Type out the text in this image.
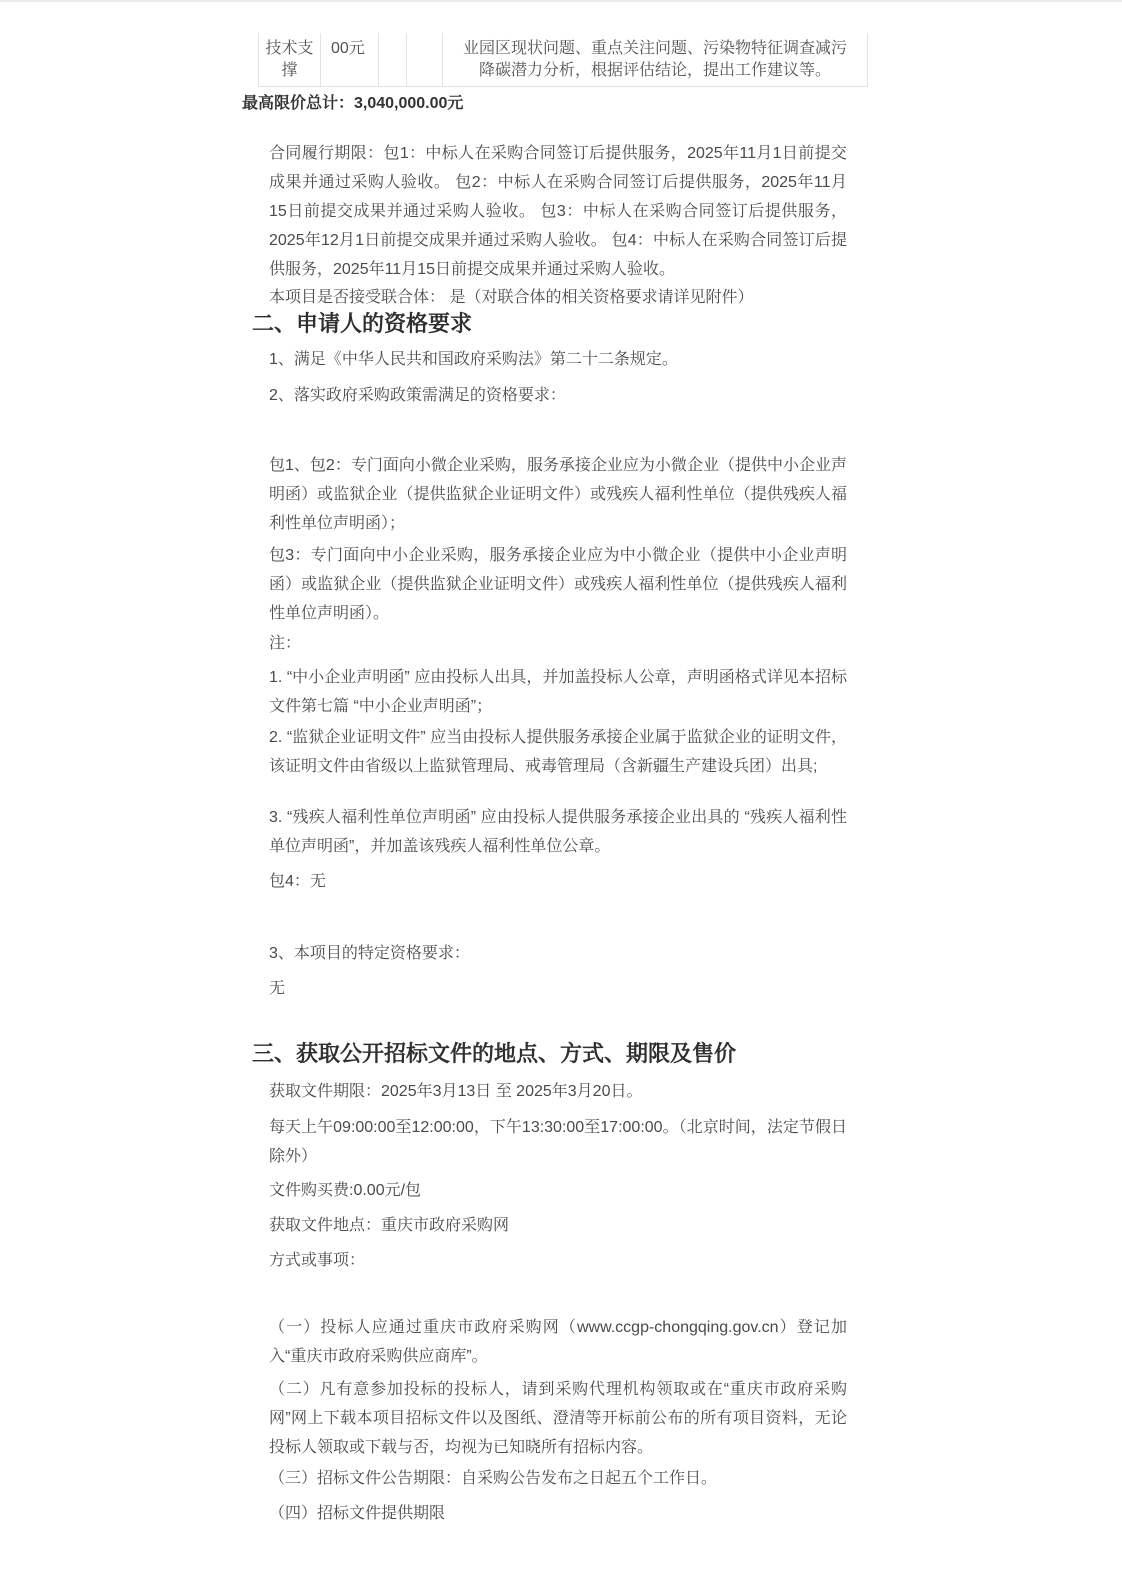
技术支撑
00元	业园区现状问题、重点关注问题、污染物特征调查减污降碳潜力分析，根据评估结论，提出工作建议等。

最高限价总计：3,040,000.00元

合同履行期限：包1：中标人在采购合同签订后提供服务，2025年11月1日前提交成果并通过采购人验收。 包2：中标人在采购合同签订后提供服务，2025年11月15日前提交成果并通过采购人验收。 包3：中标人在采购合同签订后提供服务，2025年12月1日前提交成果并通过采购人验收。 包4：中标人在采购合同签订后提供服务，2025年11月15日前提交成果并通过采购人验收。

本项目是否接受联合体： 是（对联合体的相关资格要求请详见附件）

二、申请人的资格要求

1、满足《中华人民共和国政府采购法》第二十二条规定。

2、落实政府采购政策需满足的资格要求：

包1、包2：专门面向小微企业采购，服务承接企业应为小微企业（提供中小企业声明函）或监狱企业（提供监狱企业证明文件）或残疾人福利性单位（提供残疾人福利性单位声明函）；

包3：专门面向中小企业采购，服务承接企业应为中小微企业（提供中小企业声明函）或监狱企业（提供监狱企业证明文件）或残疾人福利性单位（提供残疾人福利性单位声明函）。

注：

1. “中小企业声明函” 应由投标人出具，并加盖投标人公章，声明函格式详见本招标文件第七篇 “中小企业声明函”；

2. “监狱企业证明文件” 应当由投标人提供服务承接企业属于监狱企业的证明文件，该证明文件由省级以上监狱管理局、戒毒管理局（含新疆生产建设兵团）出具;

3. “残疾人福利性单位声明函” 应由投标人提供服务承接企业出具的 “残疾人福利性单位声明函”，并加盖该残疾人福利性单位公章。

包4：无

3、本项目的特定资格要求：

无

三、获取公开招标文件的地点、方式、期限及售价

获取文件期限：2025年3月13日 至 2025年3月20日。

每天上午09:00:00至12:00:00，下午13:30:00至17:00:00。（北京时间，法定节假日除外）

文件购买费:0.00元/包

获取文件地点：重庆市政府采购网

方式或事项：

（一）投标人应通过重庆市政府采购网（www.ccgp-chongqing.gov.cn）登记加入“重庆市政府采购供应商库”。

（二）凡有意参加投标的投标人，请到采购代理机构领取或在“重庆市政府采购网”网上下载本项目招标文件以及图纸、澄清等开标前公布的所有项目资料，无论投标人领取或下载与否，均视为已知晓所有招标内容。

（三）招标文件公告期限：自采购公告发布之日起五个工作日。

（四）招标文件提供期限
